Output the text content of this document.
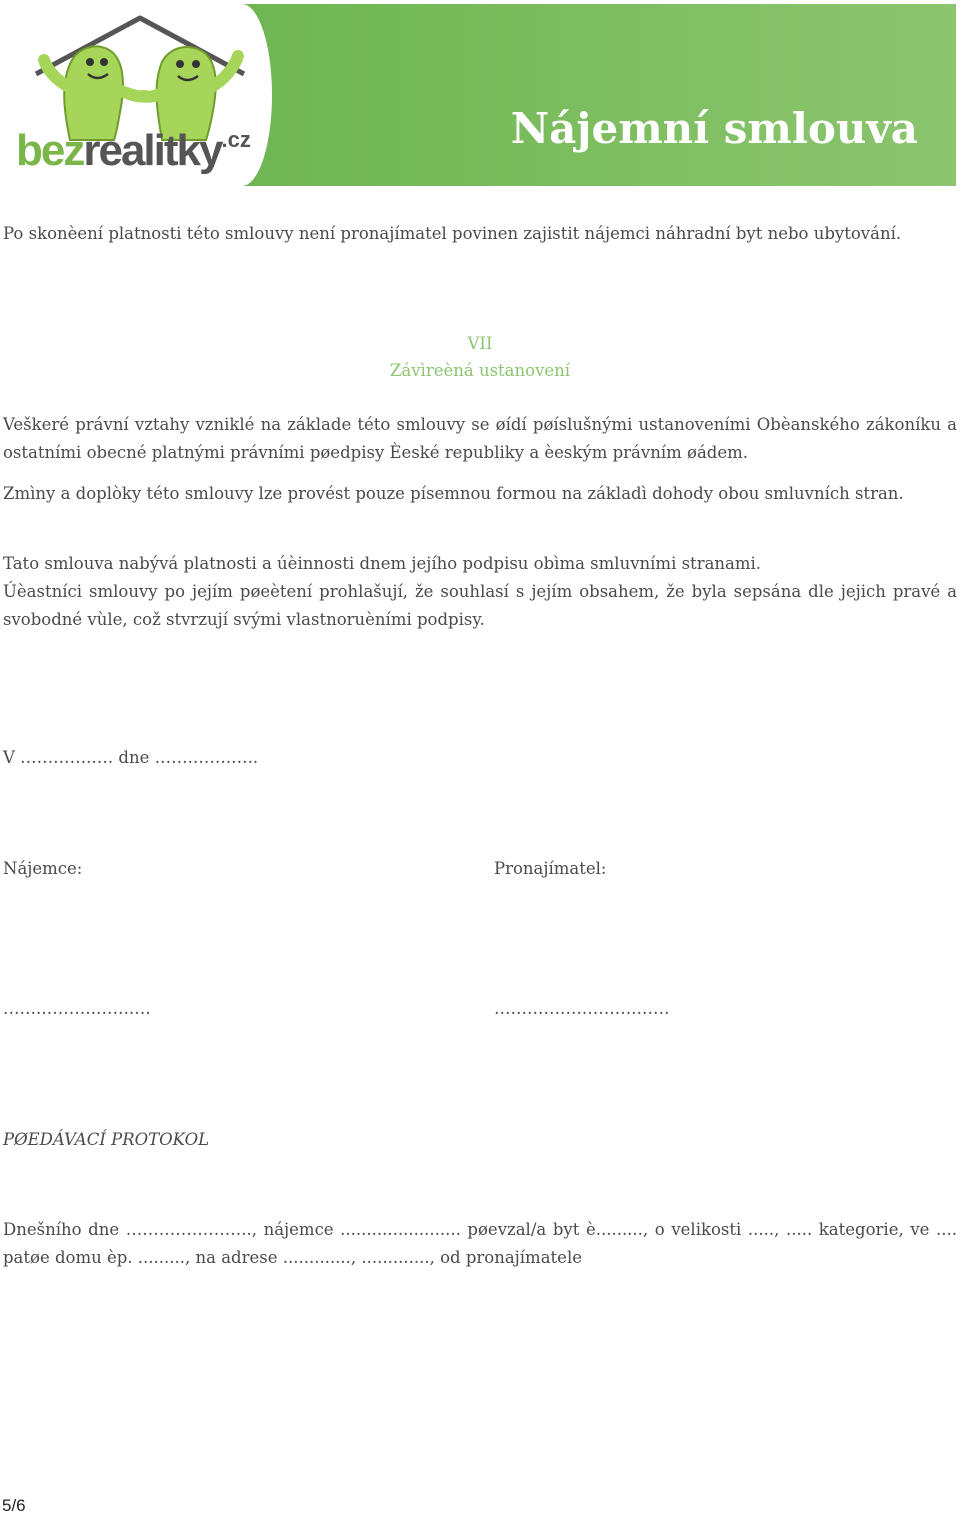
bezrealitky$^{.cz}$	Nájemní smlouva
Po skonèení platnosti této smlouvy není pronajímatel povinen zajistit nájemci náhradní byt nebo ubytování.
VII
Závìreèná ustanovení
Veškeré právní vztahy vzniklé na základe této smlouvy se øídí pøíslušnými ustanoveními Obèanského zákoníku a ostatními obecné platnými právními pøedpisy Èeské republiky a èeským právním øádem.
Zmìny a doplòky této smlouvy lze provést pouze písemnou formou na základì dohody obou smluvních stran.
Tato smlouva nabývá platnosti a úèinnosti dnem jejího podpisu obìma smluvními stranami.
Úèastníci smlouvy po jejím pøeètení prohlašují, že souhlasí s jejím obsahem, že byla sepsána dle jejich pravé a svobodné vùle, což stvrzují svými vlastnoruèními podpisy.
V ………….…. dne …….…….…..
Nájemce:	Pronajímatel:
…….……….…….…	…………….……….……
PØEDÁVACÍ PROTOKOL
Dnešního dne ………………….., nájemce ....................... pøevzal/a byt è........., o velikosti ....., ..... kategorie, ve .... patøe domu èp. ........., na adrese ............., ............., od pronajímatele
5/6
